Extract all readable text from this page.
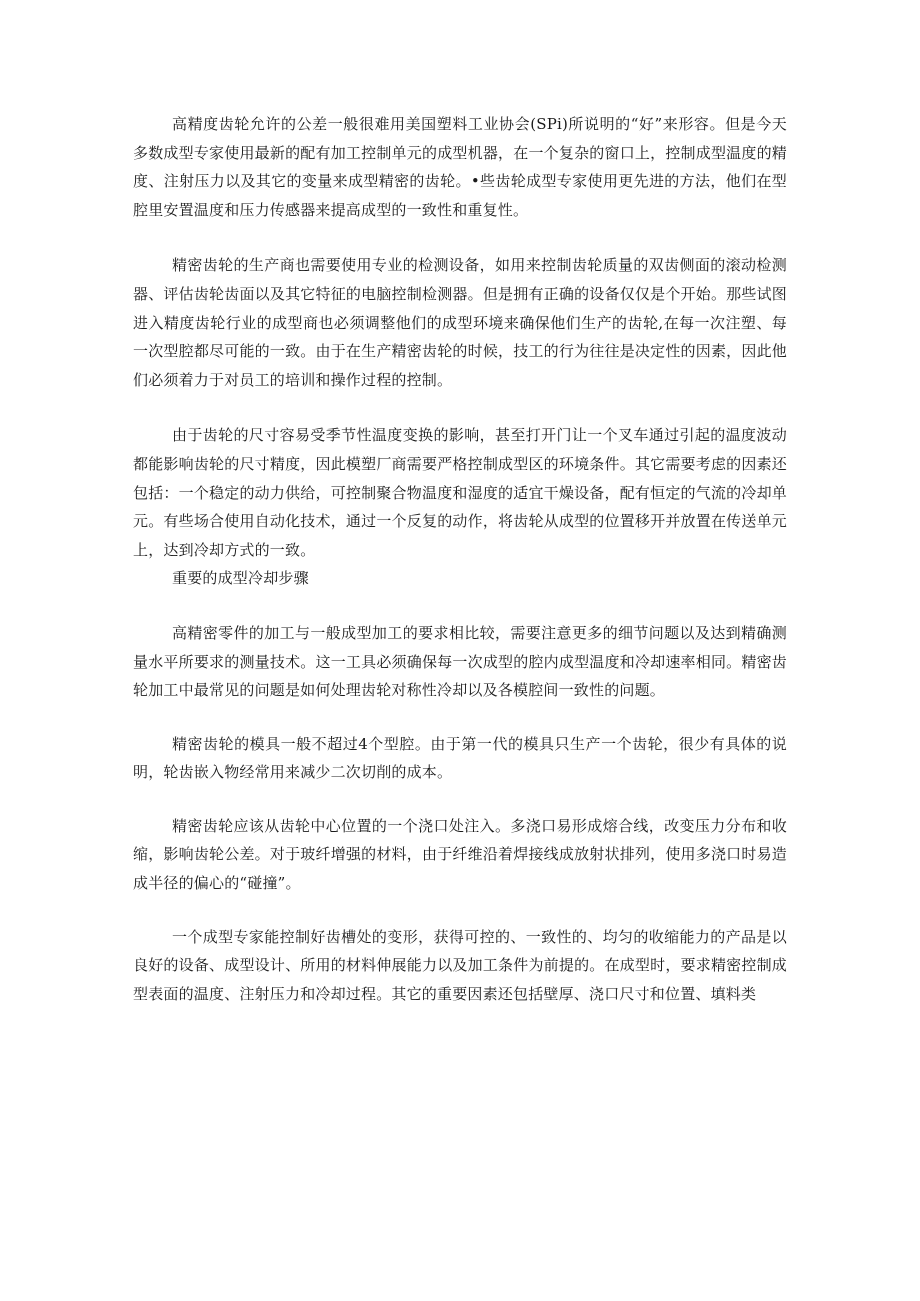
高精度齿轮允许的公差一般很难用美国塑料工业协会(SPi)所说明的“好”来形容。但是今天多数成型专家使用最新的配有加工控制单元的成型机器，在一个复杂的窗口上，控制成型温度的精度、注射压力以及其它的变量来成型精密的齿轮。•些齿轮成型专家使用更先进的方法，他们在型腔里安置温度和压力传感器来提高成型的一致性和重复性。

精密齿轮的生产商也需要使用专业的检测设备，如用来控制齿轮质量的双齿侧面的滚动检测器、评估齿轮齿面以及其它特征的电脑控制检测器。但是拥有正确的设备仅仅是个开始。那些试图进入精度齿轮行业的成型商也必须调整他们的成型环境来确保他们生产的齿轮,在每一次注塑、每一次型腔都尽可能的一致。由于在生产精密齿轮的时候，技工的行为往往是决定性的因素，因此他们必须着力于对员工的培训和操作过程的控制。

由于齿轮的尺寸容易受季节性温度变换的影响，甚至打开门让一个叉车通过引起的温度波动都能影响齿轮的尺寸精度，因此模塑厂商需要严格控制成型区的环境条件。其它需要考虑的因素还包括：一个稳定的动力供给，可控制聚合物温度和湿度的适宜干燥设备，配有恒定的气流的冷却单元。有些场合使用自动化技术，通过一个反复的动作，将齿轮从成型的位置移开并放置在传送单元上，达到冷却方式的一致。

重要的成型冷却步骤

高精密零件的加工与一般成型加工的要求相比较，需要注意更多的细节问题以及达到精确测量水平所要求的测量技术。这一工具必须确保每一次成型的腔内成型温度和冷却速率相同。精密齿轮加工中最常见的问题是如何处理齿轮对称性冷却以及各模腔间一致性的问题。

精密齿轮的模具一般不超过4个型腔。由于第一代的模具只生产一个齿轮，很少有具体的说明，轮齿嵌入物经常用来减少二次切削的成本。

精密齿轮应该从齿轮中心位置的一个浇口处注入。多浇口易形成熔合线，改变压力分布和收缩，影响齿轮公差。对于玻纤增强的材料，由于纤维沿着焊接线成放射状排列，使用多浇口时易造成半径的偏心的“碰撞”。

一个成型专家能控制好齿槽处的变形，获得可控的、一致性的、均匀的收缩能力的产品是以良好的设备、成型设计、所用的材料伸展能力以及加工条件为前提的。在成型时，要求精密控制成型表面的温度、注射压力和冷却过程。其它的重要因素还包括壁厚、浇口尺寸和位置、填料类
